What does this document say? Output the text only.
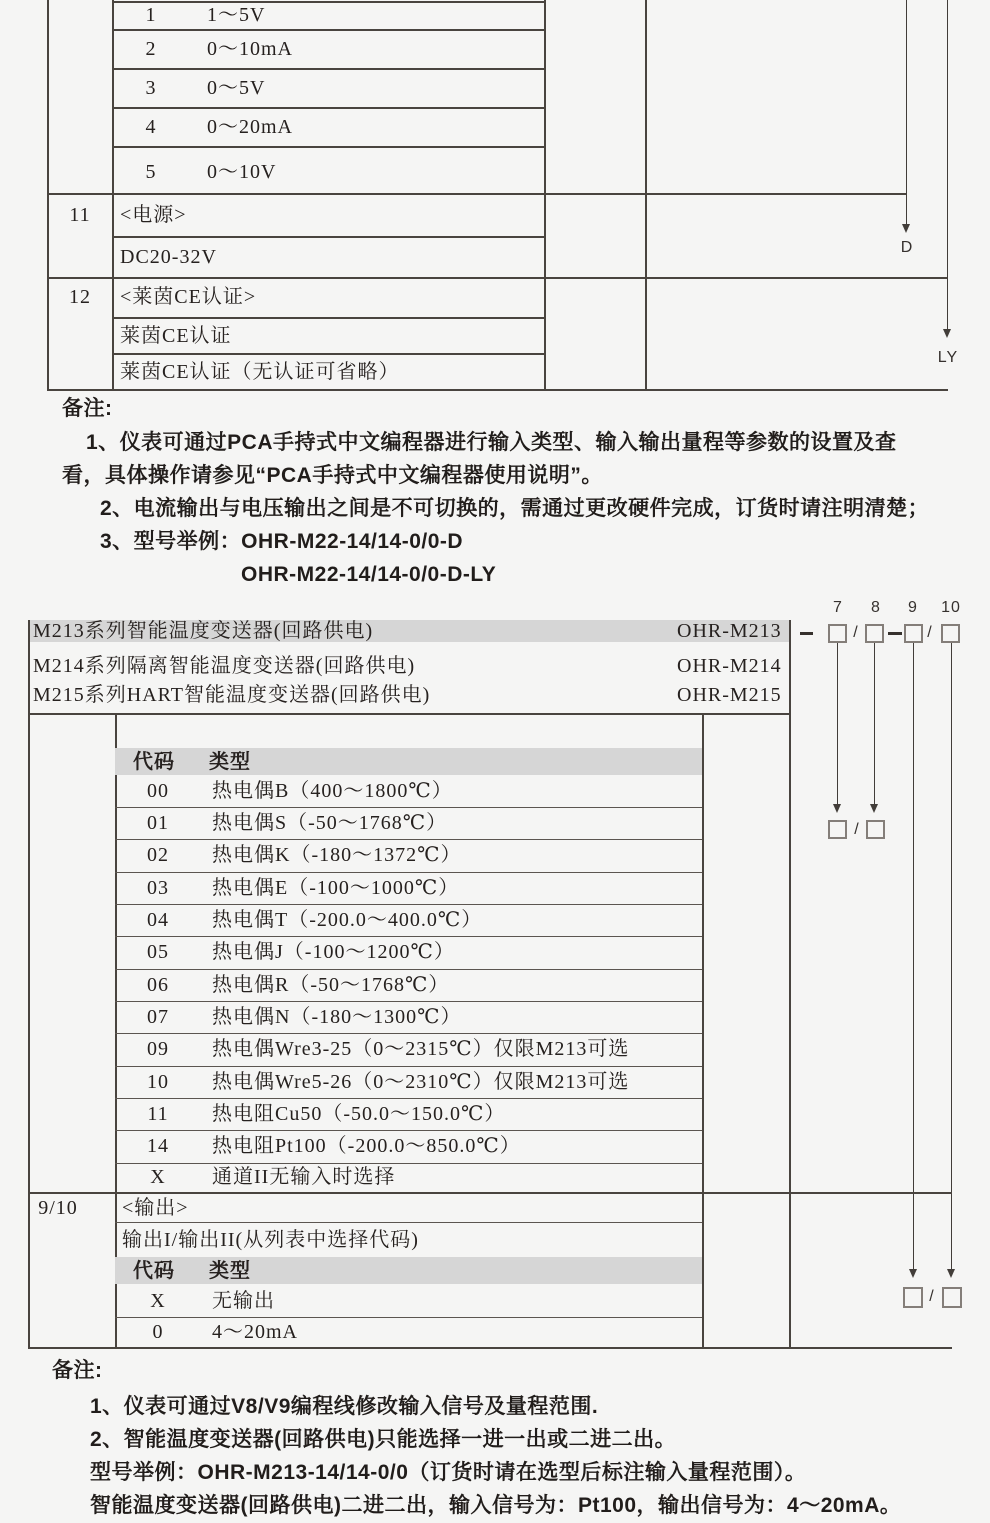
1	1～5V
2	0～10mA
3	0～5V
4	0～20mA
5	0～10V
11	<电源>
DC20-32V
12	<莱茵CE认证>
莱茵CE认证
莱茵CE认证（无认证可省略）
D
LY
备注:
1、仪表可通过PCA手持式中文编程器进行输入类型、输入输出量程等参数的设置及查
看，具体操作请参见“PCA手持式中文编程器使用说明”。
2、电流输出与电压输出之间是不可切换的，需通过更改硬件完成，订货时请注明清楚；
3、型号举例：OHR-M22-14/14-0/0-D
OHR-M22-14/14-0/0-D-LY
M213系列智能温度变送器(回路供电)	OHR-M213
M214系列隔离智能温度变送器(回路供电)	OHR-M214
M215系列HART智能温度变送器(回路供电)	OHR-M215
7	8	9	10
/	/
/
/
代码 类型
00	热电偶B（400～1800℃）
01	热电偶S（-50～1768℃）
02	热电偶K（-180～1372℃）
03	热电偶E（-100～1000℃）
04	热电偶T（-200.0～400.0℃）
05	热电偶J（-100～1200℃）
06	热电偶R（-50～1768℃）
07	热电偶N（-180～1300℃）
09	热电偶Wre3-25（0～2315℃）仅限M213可选
10	热电偶Wre5-26（0～2310℃）仅限M213可选
11	热电阻Cu50（-50.0～150.0℃）
14	热电阻Pt100（-200.0～850.0℃）
X	通道II无输入时选择
9/10 <输出>
输出I/输出II(从列表中选择代码)
代码 类型
X	无输出
0	4～20mA
备注:
1、仪表可通过V8/V9编程线修改输入信号及量程范围.
2、智能温度变送器(回路供电)只能选择一进一出或二进二出。
型号举例：OHR-M213-14/14-0/0（订货时请在选型后标注输入量程范围）。
智能温度变送器(回路供电)二进二出，输入信号为：Pt100，输出信号为：4～20mA。
